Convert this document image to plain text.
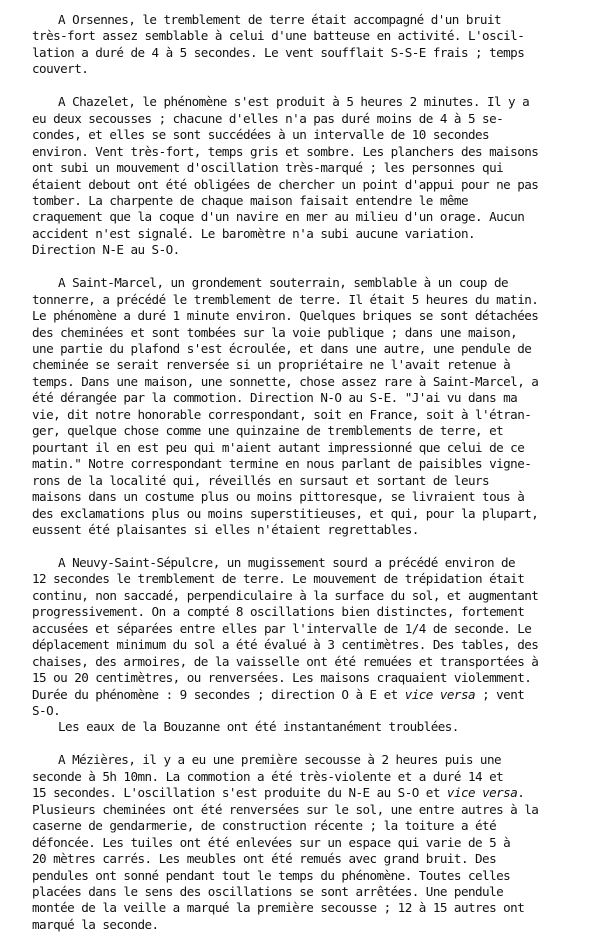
A Orsennes, le tremblement de terre était accompagné d'un bruit
très-fort assez semblable à celui d'une batteuse en activité. L'oscil-
lation a duré de 4 à 5 secondes. Le vent soufflait S-S-E frais ; temps
couvert.
A Chazelet, le phénomène s'est produit à 5 heures 2 minutes. Il y a
eu deux secousses ; chacune d'elles n'a pas duré moins de 4 à 5 se-
condes, et elles se sont succédées à un intervalle de 10 secondes
environ. Vent très-fort, temps gris et sombre. Les planchers des maisons
ont subi un mouvement d'oscillation très-marqué ; les personnes qui
étaient debout ont été obligées de chercher un point d'appui pour ne pas
tomber. La charpente de chaque maison faisait entendre le même
craquement que la coque d'un navire en mer au milieu d'un orage. Aucun
accident n'est signalé. Le baromètre n'a subi aucune variation.
Direction N-E au S-O.
A Saint-Marcel, un grondement souterrain, semblable à un coup de
tonnerre, a précédé le tremblement de terre. Il était 5 heures du matin.
Le phénomène a duré 1 minute environ. Quelques briques se sont détachées
des cheminées et sont tombées sur la voie publique ; dans une maison,
une partie du plafond s'est écroulée, et dans une autre, une pendule de
cheminée se serait renversée si un propriétaire ne l'avait retenue à
temps. Dans une maison, une sonnette, chose assez rare à Saint-Marcel, a
été dérangée par la commotion. Direction N-O au S-E. "J'ai vu dans ma
vie, dit notre honorable correspondant, soit en France, soit à l'étran-
ger, quelque chose comme une quinzaine de tremblements de terre, et
pourtant il en est peu qui m'aient autant impressionné que celui de ce
matin." Notre correspondant termine en nous parlant de paisibles vigne-
rons de la localité qui, réveillés en sursaut et sortant de leurs
maisons dans un costume plus ou moins pittoresque, se livraient tous à
des exclamations plus ou moins superstitieuses, et qui, pour la plupart,
eussent été plaisantes si elles n'étaient regrettables.
A Neuvy-Saint-Sépulcre, un mugissement sourd a précédé environ de
12 secondes le tremblement de terre. Le mouvement de trépidation était
continu, non saccadé, perpendiculaire à la surface du sol, et augmentant
progressivement. On a compté 8 oscillations bien distinctes, fortement
accusées et séparées entre elles par l'intervalle de 1/4 de seconde. Le
déplacement minimum du sol a été évalué à 3 centimètres. Des tables, des
chaises, des armoires, de la vaisselle ont été remuées et transportées à
15 ou 20 centimètres, ou renversées. Les maisons craquaient violemment.
Durée du phénomène : 9 secondes ; direction O à E et vice versa ; vent
S-O.
Les eaux de la Bouzanne ont été instantanément troublées.
A Mézières, il y a eu une première secousse à 2 heures puis une
seconde à 5h 10mn. La commotion a été très-violente et a duré 14 et
15 secondes. L'oscillation s'est produite du N-E au S-O et vice versa.
Plusieurs cheminées ont été renversées sur le sol, une entre autres à la
caserne de gendarmerie, de construction récente ; la toiture a été
défoncée. Les tuiles ont été enlevées sur un espace qui varie de 5 à
20 mètres carrés. Les meubles ont été remués avec grand bruit. Des
pendules ont sonné pendant tout le temps du phénomène. Toutes celles
placées dans le sens des oscillations se sont arrêtées. Une pendule
montée de la veille a marqué la première secousse ; 12 à 15 autres ont
marqué la seconde.
